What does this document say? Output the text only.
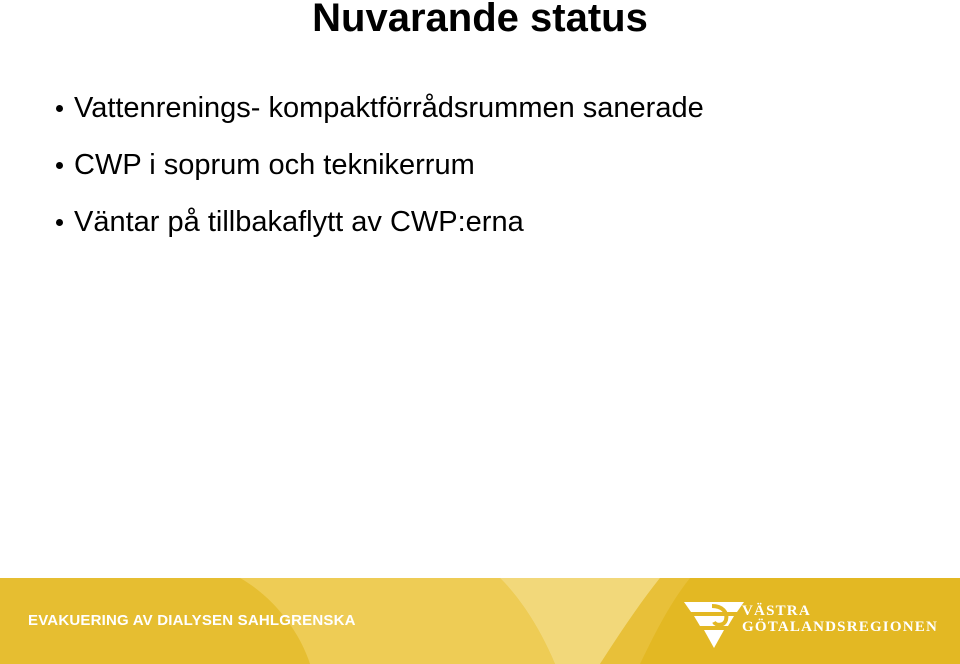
Nuvarande status
Vattenrenings- kompaktförrådsrummen sanerade
CWP i soprum och teknikerrum
Väntar på tillbakaflytt av CWP:erna
EVAKUERING AV DIALYSEN SAHLGRENSKA
VÄSTRA
GÖTALANDSREGIONEN
